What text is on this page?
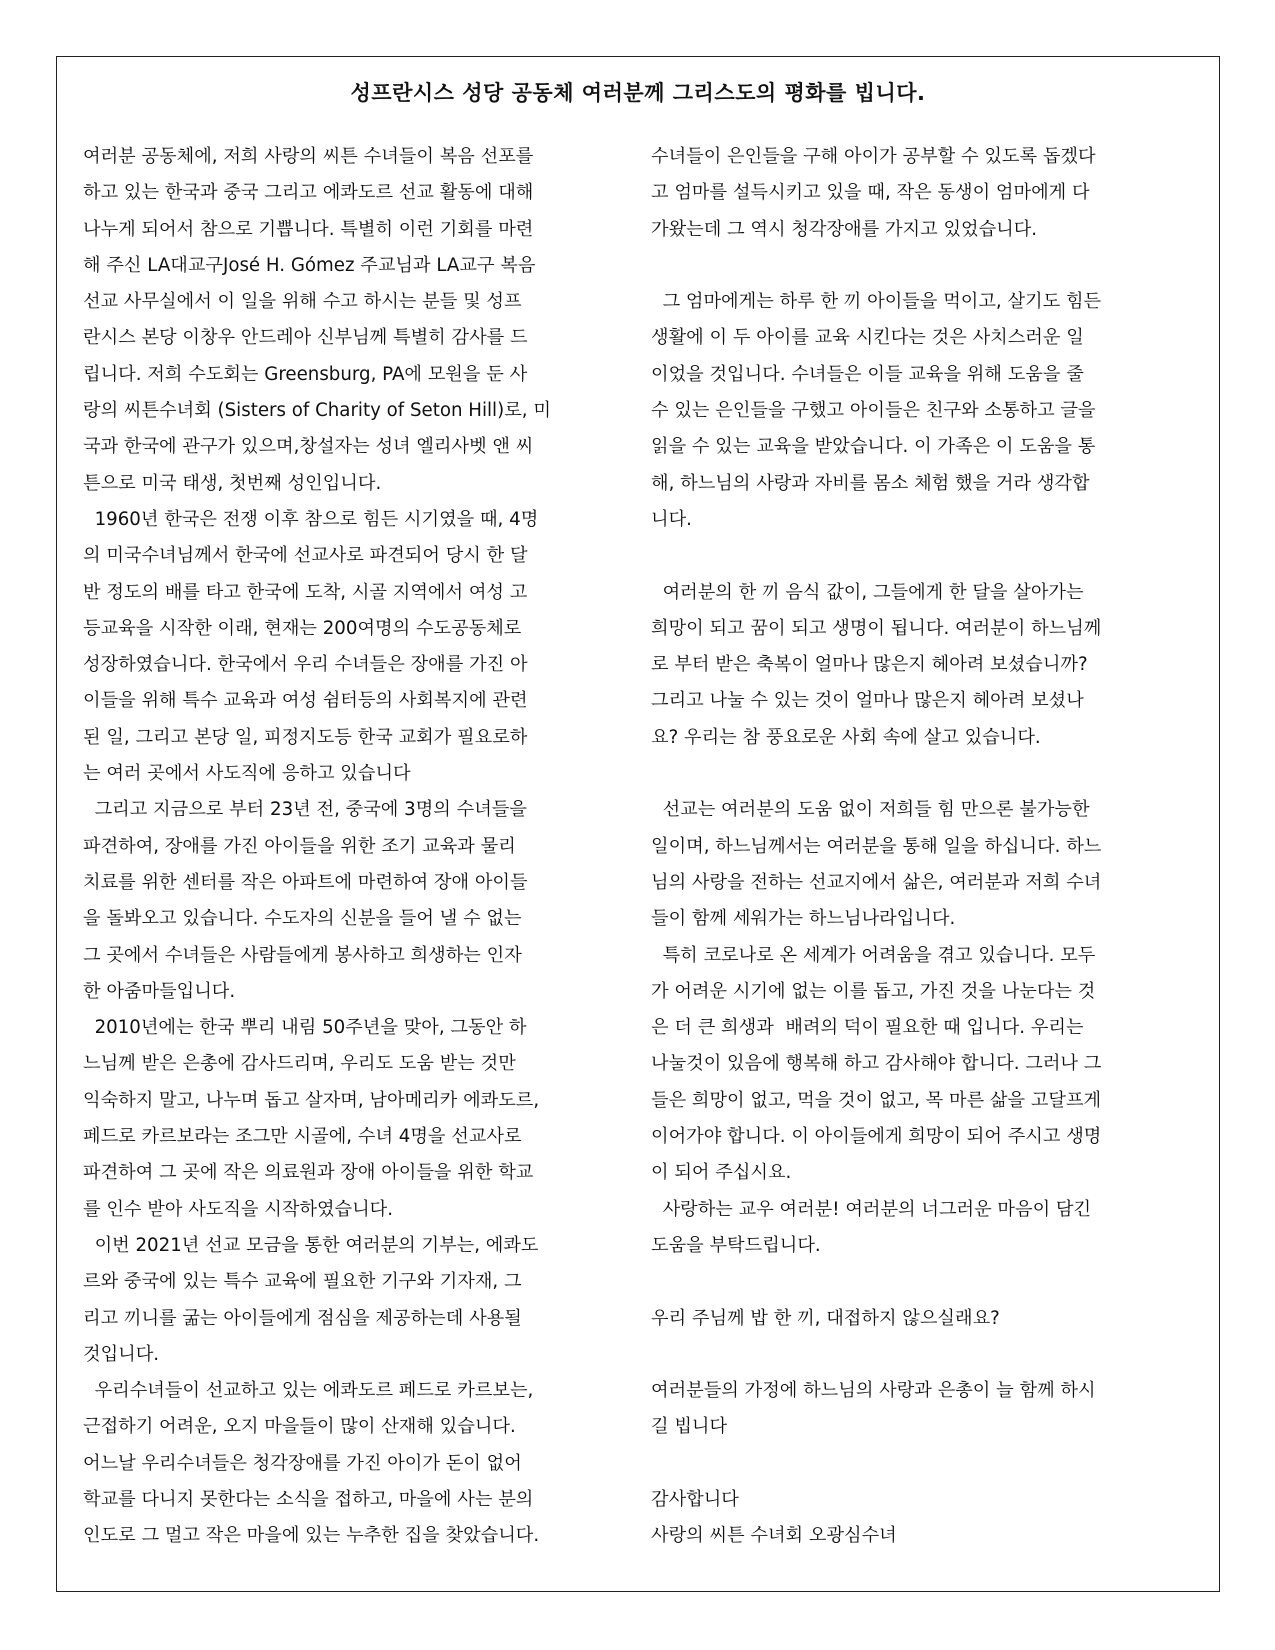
성프란시스 성당 공동체 여러분께 그리스도의 평화를 빕니다.
여러분 공동체에, 저희 사랑의 씨튼 수녀들이 복음 선포를
하고 있는 한국과 중국 그리고 에콰도르 선교 활동에 대해
나누게 되어서 참으로 기쁩니다. 특별히 이런 기회를 마련
해 주신 LA대교구José H. Gómez 주교님과 LA교구 복음
선교 사무실에서 이 일을 위해 수고 하시는 분들 및 성프
란시스 본당 이창우 안드레아 신부님께 특별히 감사를 드
립니다. 저희 수도회는 Greensburg, PA에 모원을 둔 사
랑의 씨튼수녀회 (Sisters of Charity of Seton Hill)로, 미
국과 한국에 관구가 있으며,창설자는 성녀 엘리사벳 앤 씨
튼으로 미국 태생, 첫번째 성인입니다.
1960년 한국은 전쟁 이후 참으로 힘든 시기였을 때, 4명
의 미국수녀님께서 한국에 선교사로 파견되어 당시 한 달
반 정도의 배를 타고 한국에 도착, 시골 지역에서 여성 고
등교육을 시작한 이래, 현재는 200여명의 수도공동체로
성장하였습니다. 한국에서 우리 수녀들은 장애를 가진 아
이들을 위해 특수 교육과 여성 쉼터등의 사회복지에 관련
된 일, 그리고 본당 일, 피정지도등 한국 교회가 필요로하
는 여러 곳에서 사도직에 응하고 있습니다
그리고 지금으로 부터 23년 전, 중국에 3명의 수녀들을
파견하여, 장애를 가진 아이들을 위한 조기 교육과 물리
치료를 위한 센터를 작은 아파트에 마련하여 장애 아이들
을 돌봐오고 있습니다. 수도자의 신분을 들어 낼 수 없는
그 곳에서 수녀들은 사람들에게 봉사하고 희생하는 인자
한 아줌마들입니다.
2010년에는 한국 뿌리 내림 50주년을 맞아, 그동안 하
느님께 받은 은총에 감사드리며, 우리도 도움 받는 것만
익숙하지 말고, 나누며 돕고 살자며, 남아메리카 에콰도르,
페드로 카르보라는 조그만 시골에, 수녀 4명을 선교사로
파견하여 그 곳에 작은 의료원과 장애 아이들을 위한 학교
를 인수 받아 사도직을 시작하였습니다.
이번 2021년 선교 모금을 통한 여러분의 기부는, 에콰도
르와 중국에 있는 특수 교육에 필요한 기구와 기자재, 그
리고 끼니를 굶는 아이들에게 점심을 제공하는데 사용될
것입니다.
우리수녀들이 선교하고 있는 에콰도르 페드로 카르보는,
근접하기 어려운, 오지 마을들이 많이 산재해 있습니다.
어느날 우리수녀들은 청각장애를 가진 아이가 돈이 없어
학교를 다니지 못한다는 소식을 접하고, 마을에 사는 분의
인도로 그 멀고 작은 마을에 있는 누추한 집을 찾았습니다.
수녀들이 은인들을 구해 아이가 공부할 수 있도록 돕겠다
고 엄마를 설득시키고 있을 때, 작은 동생이 엄마에게 다
가왔는데 그 역시 청각장애를 가지고 있었습니다.
그 엄마에게는 하루 한 끼 아이들을 먹이고, 살기도 힘든
생활에 이 두 아이를 교육 시킨다는 것은 사치스러운 일
이었을 것입니다. 수녀들은 이들 교육을 위해 도움을 줄
수 있는 은인들을 구했고 아이들은 친구와 소통하고 글을
읽을 수 있는 교육을 받았습니다. 이 가족은 이 도움을 통
해, 하느님의 사랑과 자비를 몸소 체험 했을 거라 생각합
니다.
여러분의 한 끼 음식 값이, 그들에게 한 달을 살아가는
희망이 되고 꿈이 되고 생명이 됩니다. 여러분이 하느님께
로 부터 받은 축복이 얼마나 많은지 헤아려 보셨습니까?
그리고 나눌 수 있는 것이 얼마나 많은지 헤아려 보셨나
요? 우리는 참 풍요로운 사회 속에 살고 있습니다.
선교는 여러분의 도움 없이 저희들 힘 만으론 불가능한
일이며, 하느님께서는 여러분을 통해 일을 하십니다. 하느
님의 사랑을 전하는 선교지에서 삶은, 여러분과 저희 수녀
들이 함께 세워가는 하느님나라입니다.
특히 코로나로 온 세계가 어려움을 겪고 있습니다. 모두
가 어려운 시기에 없는 이를 돕고, 가진 것을 나눈다는 것
은 더 큰 희생과  배려의 덕이 필요한 때 입니다. 우리는
나눌것이 있음에 행복해 하고 감사해야 합니다. 그러나 그
들은 희망이 없고, 먹을 것이 없고, 목 마른 삶을 고달프게
이어가야 합니다. 이 아이들에게 희망이 되어 주시고 생명
이 되어 주십시요.
사랑하는 교우 여러분! 여러분의 너그러운 마음이 담긴
도움을 부탁드립니다.
우리 주님께 밥 한 끼, 대접하지 않으실래요?
여러분들의 가정에 하느님의 사랑과 은총이 늘 함께 하시
길 빕니다
감사합니다
사랑의 씨튼 수녀회 오광심수녀
